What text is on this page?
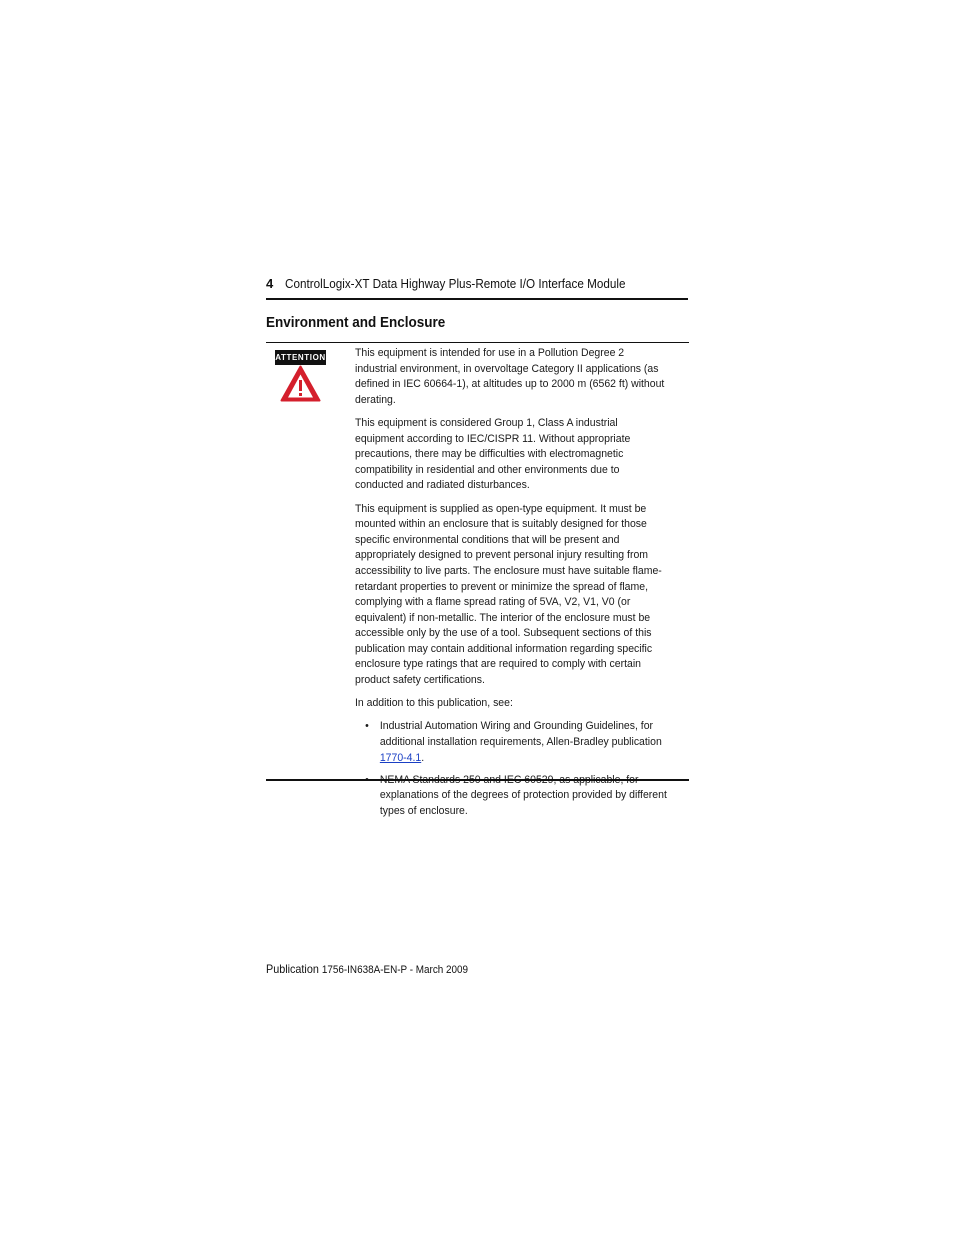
4 ControlLogix-XT Data Highway Plus-Remote I/O Interface Module
Environment and Enclosure
ATTENTION	This equipment is intended for use in a Pollution Degree 2 industrial environment, in overvoltage Category II applications (as defined in IEC 60664-1), at altitudes up to 2000 m (6562 ft) without derating.

This equipment is considered Group 1, Class A industrial equipment according to IEC/CISPR 11. Without appropriate precautions, there may be difficulties with electromagnetic compatibility in residential and other environments due to conducted and radiated disturbances.

This equipment is supplied as open-type equipment. It must be mounted within an enclosure that is suitably designed for those specific environmental conditions that will be present and appropriately designed to prevent personal injury resulting from accessibility to live parts. The enclosure must have suitable flame-retardant properties to prevent or minimize the spread of flame, complying with a flame spread rating of 5VA, V2, V1, V0 (or equivalent) if non-metallic. The interior of the enclosure must be accessible only by the use of a tool. Subsequent sections of this publication may contain additional information regarding specific enclosure type ratings that are required to comply with certain product safety certifications.

In addition to this publication, see:

• Industrial Automation Wiring and Grounding Guidelines, for additional installation requirements, Allen-Bradley publication 1770-4.1.
explanations of the degrees of protection provided by different types of enclosure.
Publication 1756-IN638A-EN-P - March 2009
